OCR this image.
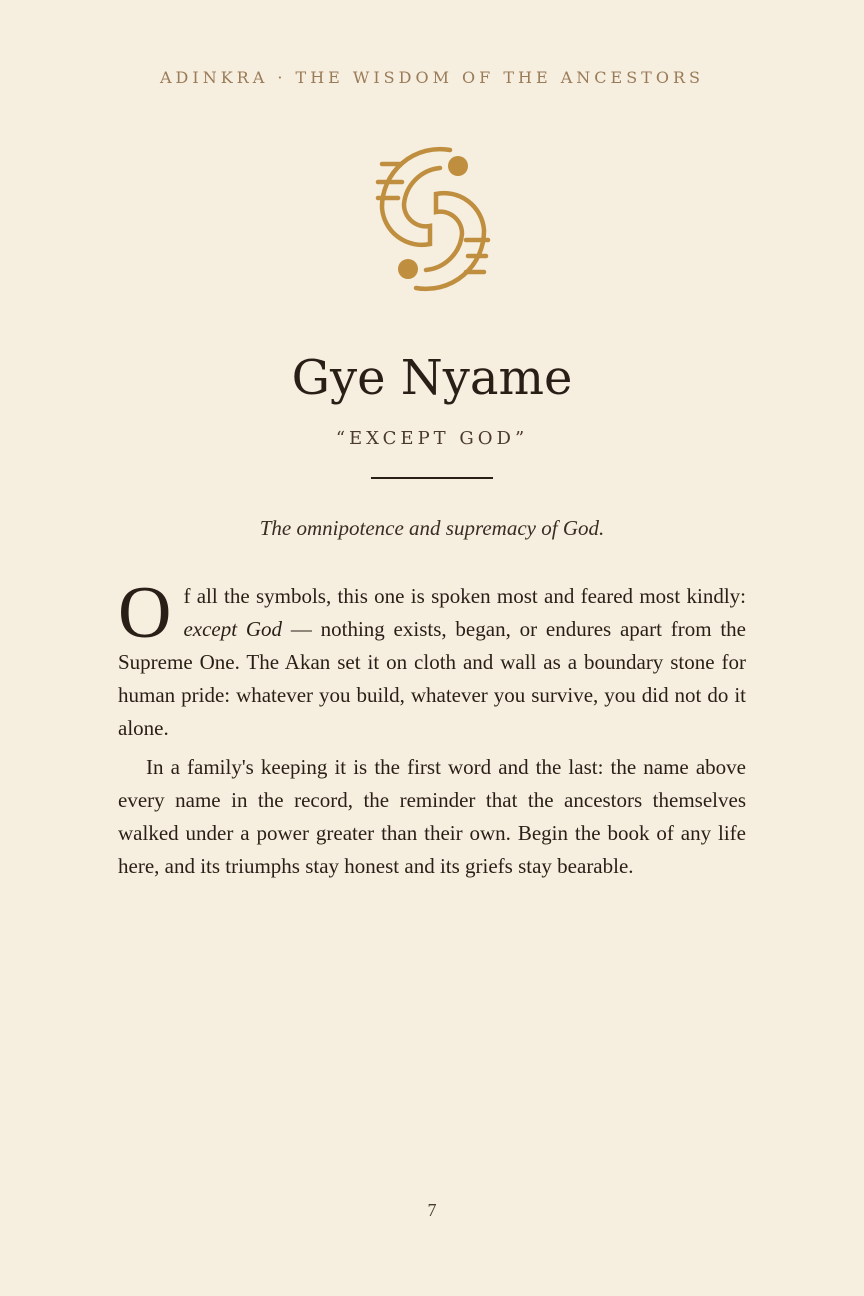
ADINKRA · THE WISDOM OF THE ANCESTORS
Gye Nyame
“EXCEPT GOD”
The omnipotence and supremacy of God.

Of all the symbols, this one is spoken most and feared most kindly: except God — nothing exists, began, or endures apart from the Supreme One. The Akan set it on cloth and wall as a boundary stone for human pride: whatever you build, whatever you survive, you did not do it alone.

In a family's keeping it is the first word and the last: the name above every name in the record, the reminder that the ancestors themselves walked under a power greater than their own. Begin the book of any life here, and its triumphs stay honest and its griefs stay bearable.

7
